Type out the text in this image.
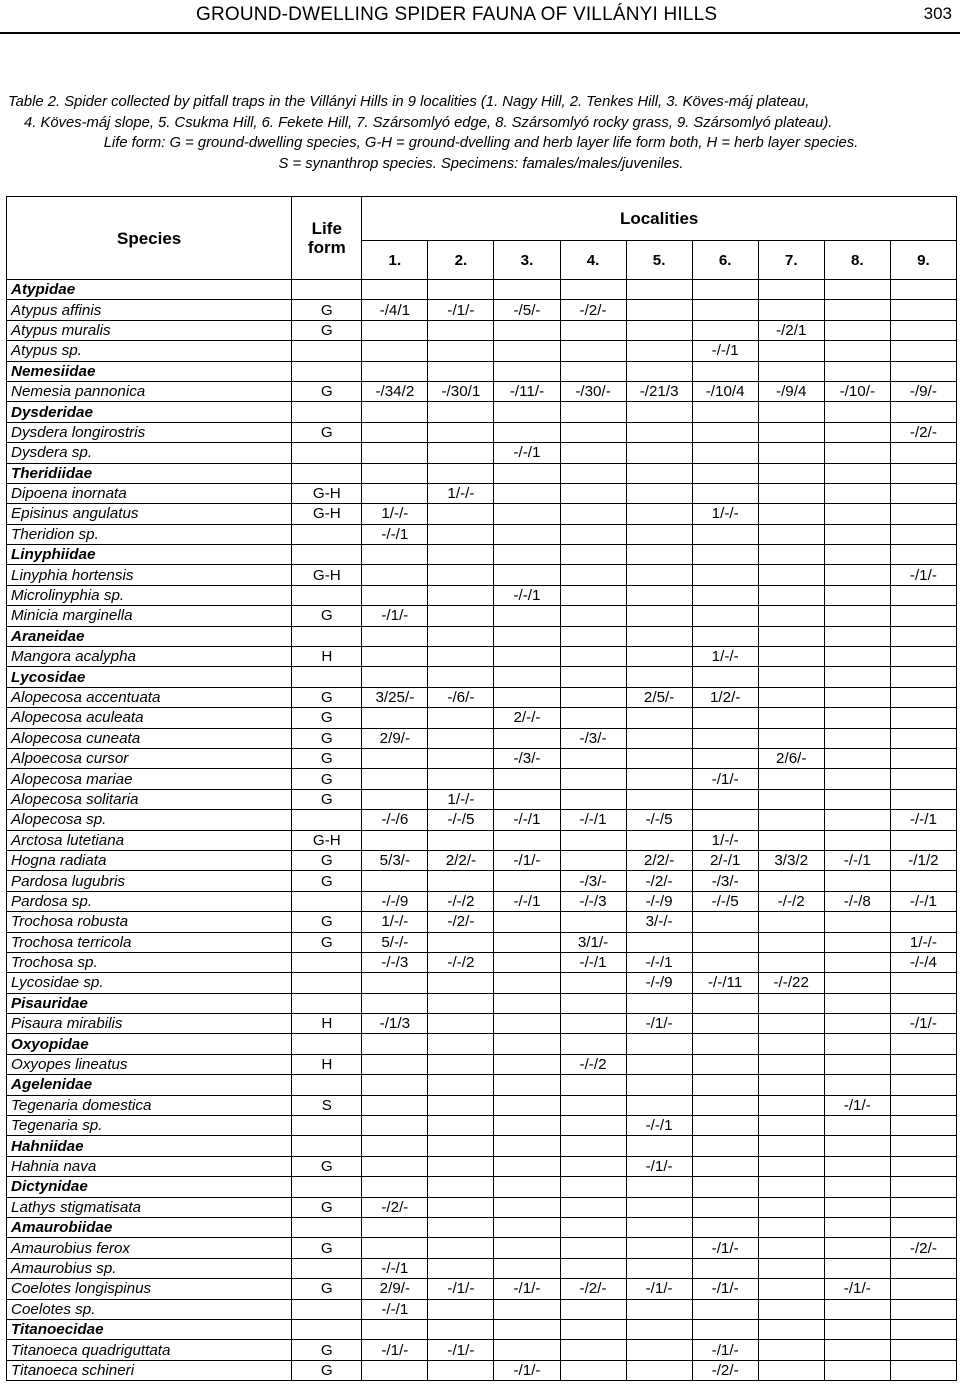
GROUND-DWELLING SPIDER FAUNA OF VILLÁNYI HILLS	303

Table 2. Spider collected by pitfall traps in the Villányi Hills in 9 localities (1. Nagy Hill, 2. Tenkes Hill, 3. Köves-máj plateau,

4. Köves-máj slope, 5. Csukma Hill, 6. Fekete Hill, 7. Szársomlyó edge, 8. Szársomlyó rocky grass, 9. Szársomlyó plateau).

Life form: G = ground-dwelling species, G-H = ground-dvelling and herb layer life form both, H = herb layer species.

S = synanthrop species. Specimens: famales/males/juveniles.

Species	Life
form	Localities								
		1.	2.	3.	4.	5.	6.	7.	8.	9.
Atypidae										
Atypus affinis	G	-/4/1	-/1/-	-/5/-	-/2/-					
Atypus muralis	G							-/2/1		
Atypus sp.							-/-/1			
Nemesiidae										
Nemesia pannonica	G	-/34/2	-/30/1	-/11/-	-/30/-	-/21/3	-/10/4	-/9/4	-/10/-	-/9/-
Dysderidae										
Dysdera longirostris	G									-/2/-
Dysdera sp.				-/-/1						
Theridiidae										
Dipoena inornata	G-H		1/-/-							
Episinus angulatus	G-H	1/-/-					1/-/-			
Theridion sp.		-/-/1								
Linyphiidae										
Linyphia hortensis	G-H									-/1/-
Microlinyphia sp.				-/-/1						
Minicia marginella	G	-/1/-								
Araneidae										
Mangora acalypha	H						1/-/-			
Lycosidae										
Alopecosa accentuata	G	3/25/-	-/6/-			2/5/-	1/2/-			
Alopecosa aculeata	G			2/-/-						
Alopecosa cuneata	G	2/9/-			-/3/-					
Alpoecosa cursor	G			-/3/-				2/6/-		
Alopecosa mariae	G						-/1/-			
Alopecosa solitaria	G		1/-/-							
Alopecosa sp.		-/-/6	-/-/5	-/-/1	-/-/1	-/-/5				-/-/1
Arctosa lutetiana	G-H						1/-/-			
Hogna radiata	G	5/3/-	2/2/-	-/1/-		2/2/-	2/-/1	3/3/2	-/-/1	-/1/2
Pardosa lugubris	G				-/3/-	-/2/-	-/3/-			
Pardosa sp.		-/-/9	-/-/2	-/-/1	-/-/3	-/-/9	-/-/5	-/-/2	-/-/8	-/-/1
Trochosa robusta	G	1/-/-	-/2/-			3/-/-				
Trochosa terricola	G	5/-/-			3/1/-					1/-/-
Trochosa sp.		-/-/3	-/-/2		-/-/1	-/-/1				-/-/4
Lycosidae sp.						-/-/9	-/-/11	-/-/22		
Pisauridae										
Pisaura mirabilis	H	-/1/3				-/1/-				-/1/-
Oxyopidae										
Oxyopes lineatus	H				-/-/2					
Agelenidae										
Tegenaria domestica	S								-/1/-	
Tegenaria sp.						-/-/1				
Hahniidae										
Hahnia nava	G					-/1/-				
Dictynidae										
Lathys stigmatisata	G	-/2/-								
Amaurobiidae										
Amaurobius ferox	G						-/1/-			-/2/-
Amaurobius sp.		-/-/1								
Coelotes longispinus	G	2/9/-	-/1/-	-/1/-	-/2/-	-/1/-	-/1/-		-/1/-	
Coelotes sp.		-/-/1								
Titanoecidae										
Titanoeca quadriguttata	G	-/1/-	-/1/-				-/1/-			
Titanoeca schineri	G			-/1/-			-/2/-			
